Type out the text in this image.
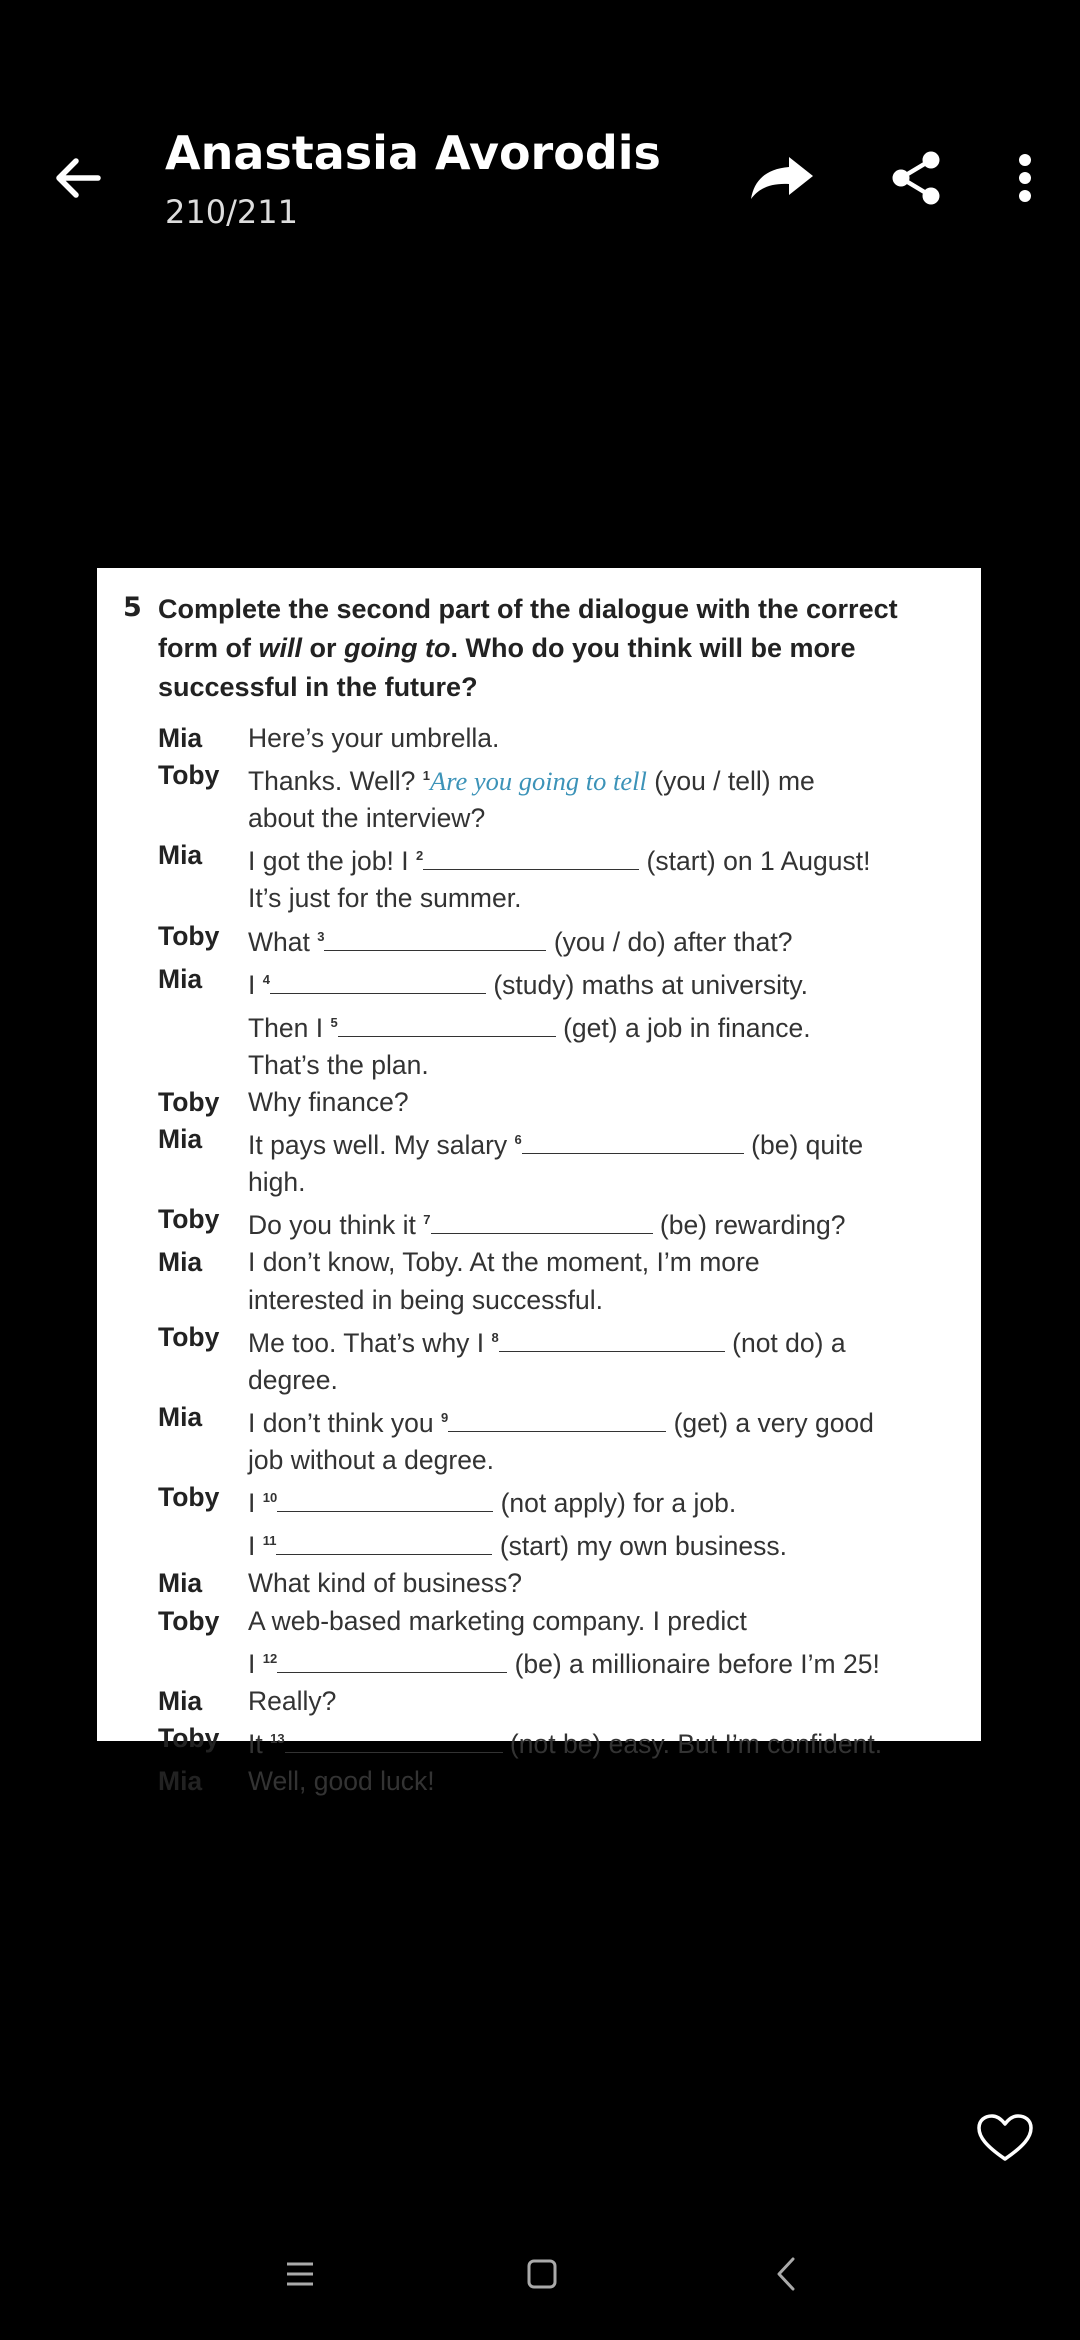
Anastasia Avorodis
210/211
5 Complete the second part of the dialogue with the correct form of will or going to. Who do you think will be more successful in the future?
Mia	Here’s your umbrella.
Toby	Thanks. Well? $^1$Are you going to tell (you / tell) me
about the interview?
Mia	I got the job! I $^2$	(start) on 1 August!
It’s just for the summer.
Toby	What $^3$	(you / do) after that?
Mia	I $^4$	(study) maths at university.
Then I $^5$	(get) a job in finance.
That’s the plan.
Toby	Why finance?
Mia	It pays well. My salary $^6$	(be) quite
high.
Toby	Do you think it $^7$	(be) rewarding?
Mia	I don’t know, Toby. At the moment, I’m more
interested in being successful.
Toby	Me too. That’s why I $^8$	(not do) a
degree.
Mia	I don’t think you $^9$	(get) a very good
job without a degree.
Toby	I $^{10}$	(not apply) for a job.
I $^{11}$	(start) my own business.
Mia	What kind of business?
Toby	A web-based marketing company. I predict
I $^{12}$	(be) a millionaire before I’m 25!
Mia	Really?
Toby	It $^{13}$	(not be) easy. But I’m confident.
Mia	Well, good luck!
